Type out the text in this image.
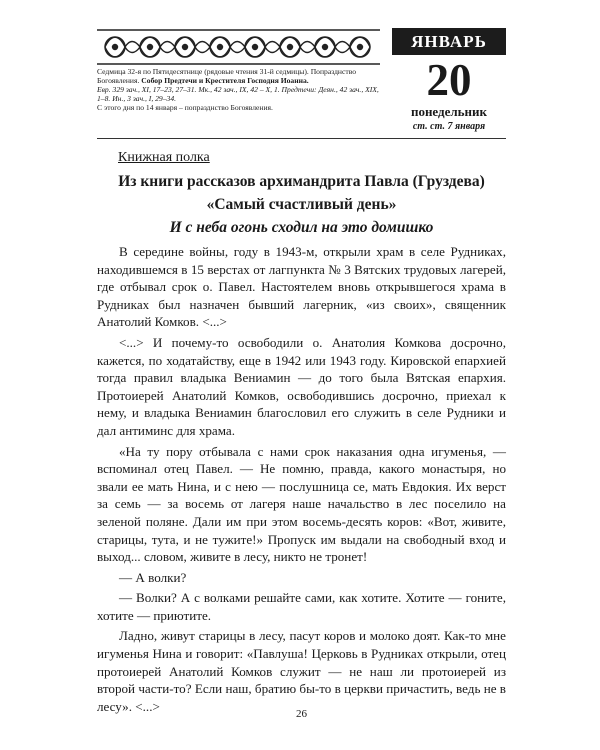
Седмица 32-я по Пятидесятнице (рядовые чтения 31-й седмицы). Попразднство Богоявления. Собор Предтечи и Крестителя Господня Иоанна.

Евр. 329 зач., XI, 17–23, 27–31. Мк., 42 зач., IX, 42 – X, 1. Предтечи: Деян., 42 зач., XIX, 1–8. Ин., 3 зач., I, 29–34.

С этого дня по 14 января – попразднство Богоявления.

ЯНВАРЬ
20
понедельник
ст. ст. 7 января
Книжная полка
Из книги рассказов архимандрита Павла (Груздева)
«Самый счастливый день»
И с неба огонь сходил на это домишко

В середине войны, году в 1943-м, открыли храм в селе Рудниках, находившемся в 15 верстах от лагпункта № 3 Вятских трудовых лагерей, где отбывал срок о. Павел. Настоятелем вновь открывшегося храма в Рудниках был назначен бывший лагерник, «из своих», священник Анатолий Комков. <...>

<...> И почему-то освободили о. Анатолия Комкова досрочно, кажется, по ходатайству, еще в 1942 или 1943 году. Кировской епархией тогда правил владыка Вениамин — до того была Вятская епархия. Протоиерей Анатолий Комков, освободившись досрочно, приехал к нему, и владыка Вениамин благословил его служить в селе Рудники и дал антиминс для храма.

«На ту пору отбывала с нами срок наказания одна игуменья, — вспоминал отец Павел. — Не помню, правда, какого монастыря, но звали ее мать Нина, и с нею — послушница се, мать Евдокия. Их верст за семь — за восемь от лагеря наше начальство в лес поселило на зеленой поляне. Дали им при этом восемь-десять коров: «Вот, живите, старицы, тута, и не тужите!» Пропуск им выдали на свободный вход и выход... словом, живите в лесу, никто не тронет!

— А волки?

— Волки? А с волками решайте сами, как хотите. Хотите — гоните, хотите — приютите.

Ладно, живут старицы в лесу, пасут коров и молоко доят. Как-то мне игуменья Нина и говорит: «Павлуша! Церковь в Рудниках открыли, отец протоиерей Анатолий Комков служит — не наш ли протоиерей из второй части-то? Если наш, братию бы-то в церкви причастить, ведь не в лесу». <...>

26
